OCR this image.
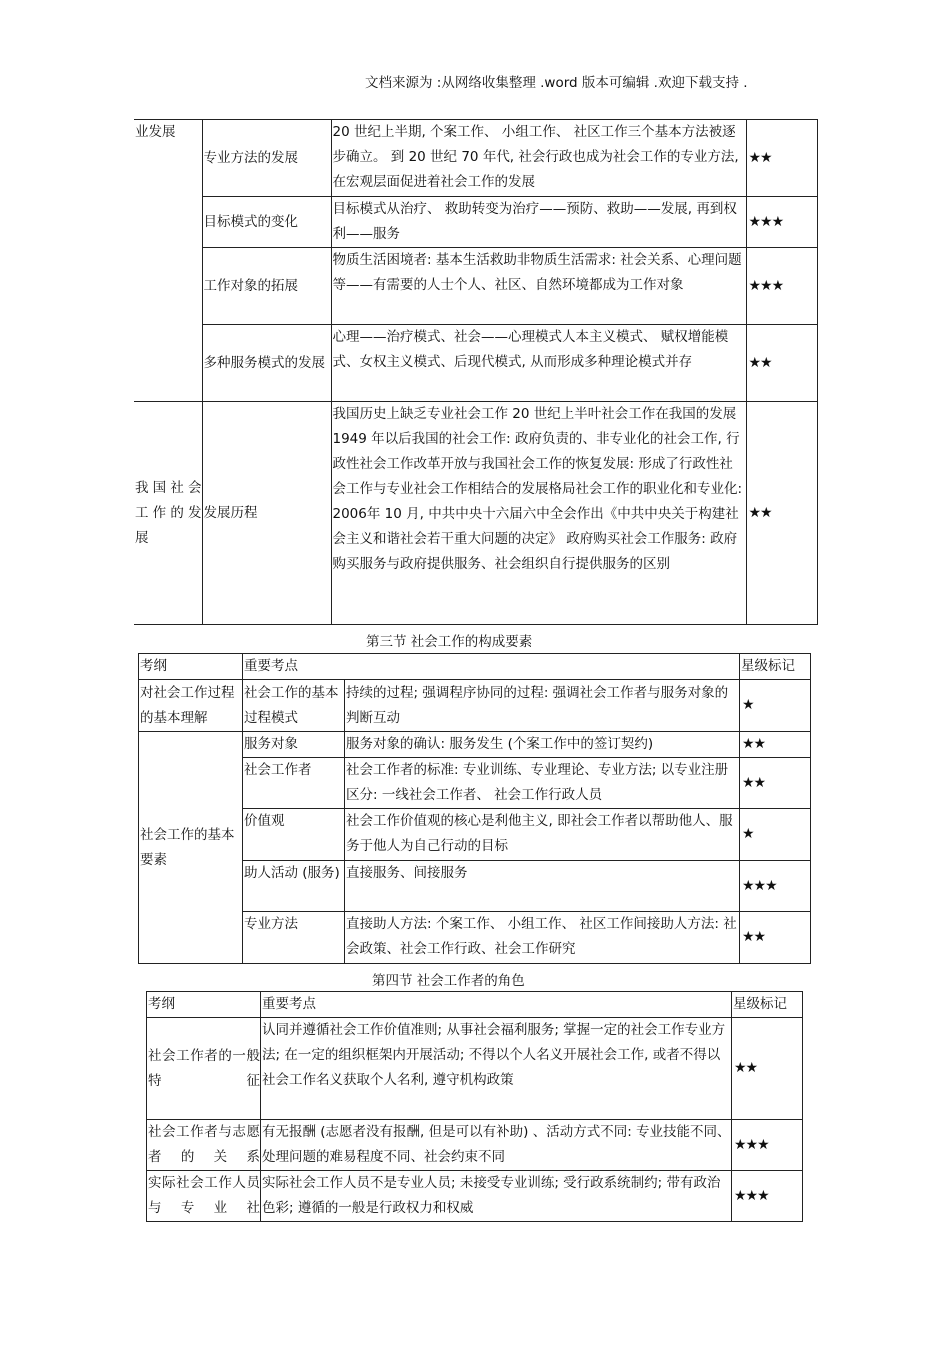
文档来源为 :从网络收集整理 .word 版本可编辑 .欢迎下载支持 .
业发展	专业方法的发展	20 世纪上半期, 个案工作、 小组工作、 社区工作三个基本方法被逐步确立。 到 20 世纪 70 年代, 社会行政也成为社会工作的专业方法, 在宏观层面促进着社会工作的发展	★★
	目标模式的变化	目标模式从治疗、 救助转变为治疗——预防、救助——发展, 再到权利——服务	★★★
	工作对象的拓展	物质生活困境者: 基本生活救助非物质生活需求: 社会关系、心理问题等——有需要的人士个人、社区、自然环境都成为工作对象	★★★
	多种服务模式的发展	心理——治疗模式、社会——心理模式人本主义模式、 赋权增能模式、女权主义模式、后现代模式, 从而形成多种理论模式并存	★★
我国社会工作的发展	发展历程	我国历史上缺乏专业社会工作 20 世纪上半叶社会工作在我国的发展 1949 年以后我国的社会工作: 政府负责的、非专业化的社会工作, 行政性社会工作改革开放与我国社会工作的恢复发展: 形成了行政性社会工作与专业社会工作相结合的发展格局社会工作的职业化和专业化: 2006年 10 月, 中共中央十六届六中全会作出《中共中央关于构建社会主义和谐社会若干重大问题的决定》 政府购买社会工作服务: 政府购买服务与政府提供服务、社会组织自行提供服务的区别	★★
第三节 社会工作的构成要素
考纲	重要考点		星级标记
对社会工作过程的基本理解	社会工作的基本过程模式	持续的过程; 强调程序协同的过程: 强调社会工作者与服务对象的判断互动	★
社会工作的基本要素	服务对象	服务对象的确认: 服务发生 (个案工作中的签订契约)	★★
	社会工作者	社会工作者的标准: 专业训练、专业理论、专业方法; 以专业注册区分: 一线社会工作者、 社会工作行政人员	★★
	价值观	社会工作价值观的核心是利他主义, 即社会工作者以帮助他人、服务于他人为自己行动的目标	★
	助人活动 (服务)	直接服务、间接服务	★★★
	专业方法	直接助人方法: 个案工作、 小组工作、 社区工作间接助人方法: 社会政策、社会工作行政、社会工作研究	★★
第四节 社会工作者的角色
考纲	重要考点	星级标记
社会工作者的一般特征	认同并遵循社会工作价值准则; 从事社会福利服务; 掌握一定的社会工作专业方法; 在一定的组织框架内开展活动; 不得以个人名义开展社会工作, 或者不得以社会工作名义获取个人名利, 遵守机构政策	★★
社会工作者与志愿者的关系	有无报酬 (志愿者没有报酬, 但是可以有补助) 、活动方式不同: 专业技能不同、处理问题的难易程度不同、社会约束不同	★★★
实际社会工作人员与专业社	实际社会工作人员不是专业人员; 未接受专业训练; 受行政系统制约; 带有政治色彩; 遵循的一般是行政权力和权威	★★★
